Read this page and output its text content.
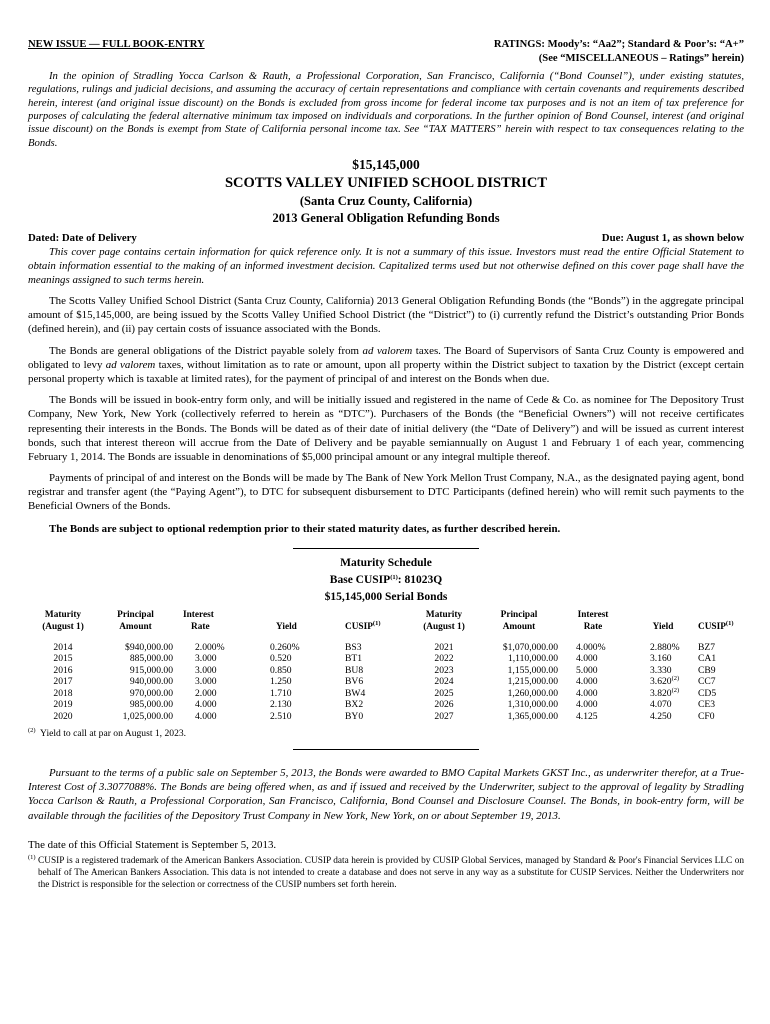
NEW ISSUE — FULL BOOK-ENTRY	RATINGS: Moody’s: “Aa2”; Standard & Poor’s: “A+”
(See “MISCELLANEOUS – Ratings” herein)
In the opinion of Stradling Yocca Carlson & Rauth, a Professional Corporation, San Francisco, California (“Bond Counsel”), under existing statutes, regulations, rulings and judicial decisions, and assuming the accuracy of certain representations and compliance with certain covenants and requirements described herein, interest (and original issue discount) on the Bonds is excluded from gross income for federal income tax purposes and is not an item of tax preference for purposes of calculating the federal alternative minimum tax imposed on individuals and corporations. In the further opinion of Bond Counsel, interest (and original issue discount) on the Bonds is exempt from State of California personal income tax. See “TAX MATTERS” herein with respect to tax consequences relating to the Bonds.
$15,145,000
SCOTTS VALLEY UNIFIED SCHOOL DISTRICT
(Santa Cruz County, California)
2013 General Obligation Refunding Bonds
Dated: Date of Delivery	Due: August 1, as shown below

This cover page contains certain information for quick reference only. It is not a summary of this issue. Investors must read the entire Official Statement to obtain information essential to the making of an informed investment decision. Capitalized terms used but not otherwise defined on this cover page shall have the meanings assigned to such terms herein.

The Scotts Valley Unified School District (Santa Cruz County, California) 2013 General Obligation Refunding Bonds (the “Bonds”) in the aggregate principal amount of $15,145,000, are being issued by the Scotts Valley Unified School District (the “District”) to (i) currently refund the District’s outstanding Prior Bonds (defined herein), and (ii) pay certain costs of issuance associated with the Bonds.

The Bonds are general obligations of the District payable solely from ad valorem taxes. The Board of Supervisors of Santa Cruz County is empowered and obligated to levy ad valorem taxes, without limitation as to rate or amount, upon all property within the District subject to taxation by the District (except certain personal property which is taxable at limited rates), for the payment of principal of and interest on the Bonds when due.

The Bonds will be issued in book-entry form only, and will be initially issued and registered in the name of Cede & Co. as nominee for The Depository Trust Company, New York, New York (collectively referred to herein as “DTC”). Purchasers of the Bonds (the “Beneficial Owners”) will not receive certificates representing their interests in the Bonds. The Bonds will be dated as of their date of initial delivery (the “Date of Delivery”) and will be issued as current interest bonds, such that interest thereon will accrue from the Date of Delivery and be payable semiannually on August 1 and February 1 of each year, commencing February 1, 2014. The Bonds are issuable in denominations of $5,000 principal amount or any integral multiple thereof.

Payments of principal of and interest on the Bonds will be made by The Bank of New York Mellon Trust Company, N.A., as the designated paying agent, bond registrar and transfer agent (the “Paying Agent”), to DTC for subsequent disbursement to DTC Participants (defined herein) who will remit such payments to the Beneficial Owners of the Bonds.

The Bonds are subject to optional redemption prior to their stated maturity dates, as further described herein.

Maturity Schedule
Base CUSIP$^{(1)}$: 81023Q
$15,145,000 Serial Bonds
Maturity
(August 1)	Principal
Amount	Interest
Rate	Yield	CUSIP$^{(1)}$	Maturity
(August 1)	Principal
Amount	Interest
Rate	Yield	CUSIP$^{(1)}$
2014	$940,000.00	2.000%	0.260%	BS3	2021	$1,070,000.00	4.000%	2.880%	BZ7
2015	885,000.00	3.000	0.520	BT1	2022	1,110,000.00	4.000	3.160	CA1
2016	915,000.00	3.000	0.850	BU8	2023	1,155,000.00	5.000	3.330	CB9
2017	940,000.00	3.000	1.250	BV6	2024	1,215,000.00	4.000	3.620$^{(2)}$	CC7
2018	970,000.00	2.000	1.710	BW4	2025	1,260,000.00	4.000	3.820$^{(2)}$	CD5
2019	985,000.00	4.000	2.130	BX2	2026	1,310,000.00	4.000	4.070	CE3
2020	1,025,000.00	4.000	2.510	BY0	2027	1,365,000.00	4.125	4.250	CF0
$^{(2)}$ Yield to call at par on August 1, 2023.

Pursuant to the terms of a public sale on September 5, 2013, the Bonds were awarded to BMO Capital Markets GKST Inc., as underwriter therefor, at a True-Interest Cost of 3.3077088%. The Bonds are being offered when, as and if issued and received by the Underwriter, subject to the approval of legality by Stradling Yocca Carlson & Rauth, a Professional Corporation, San Francisco, California, Bond Counsel and Disclosure Counsel. The Bonds, in book-entry form, will be available through the facilities of the Depository Trust Company in New York, New York, on or about September 19, 2013.

The date of this Official Statement is September 5, 2013.
$^{(1)}$ CUSIP is a registered trademark of the American Bankers Association. CUSIP data herein is provided by CUSIP Global Services, managed by Standard & Poor's Financial Services LLC on behalf of The American Bankers Association. This data is not intended to create a database and does not serve in any way as a substitute for CUSIP Services. Neither the Underwriters nor the District is responsible for the selection or correctness of the CUSIP numbers set forth herein.
